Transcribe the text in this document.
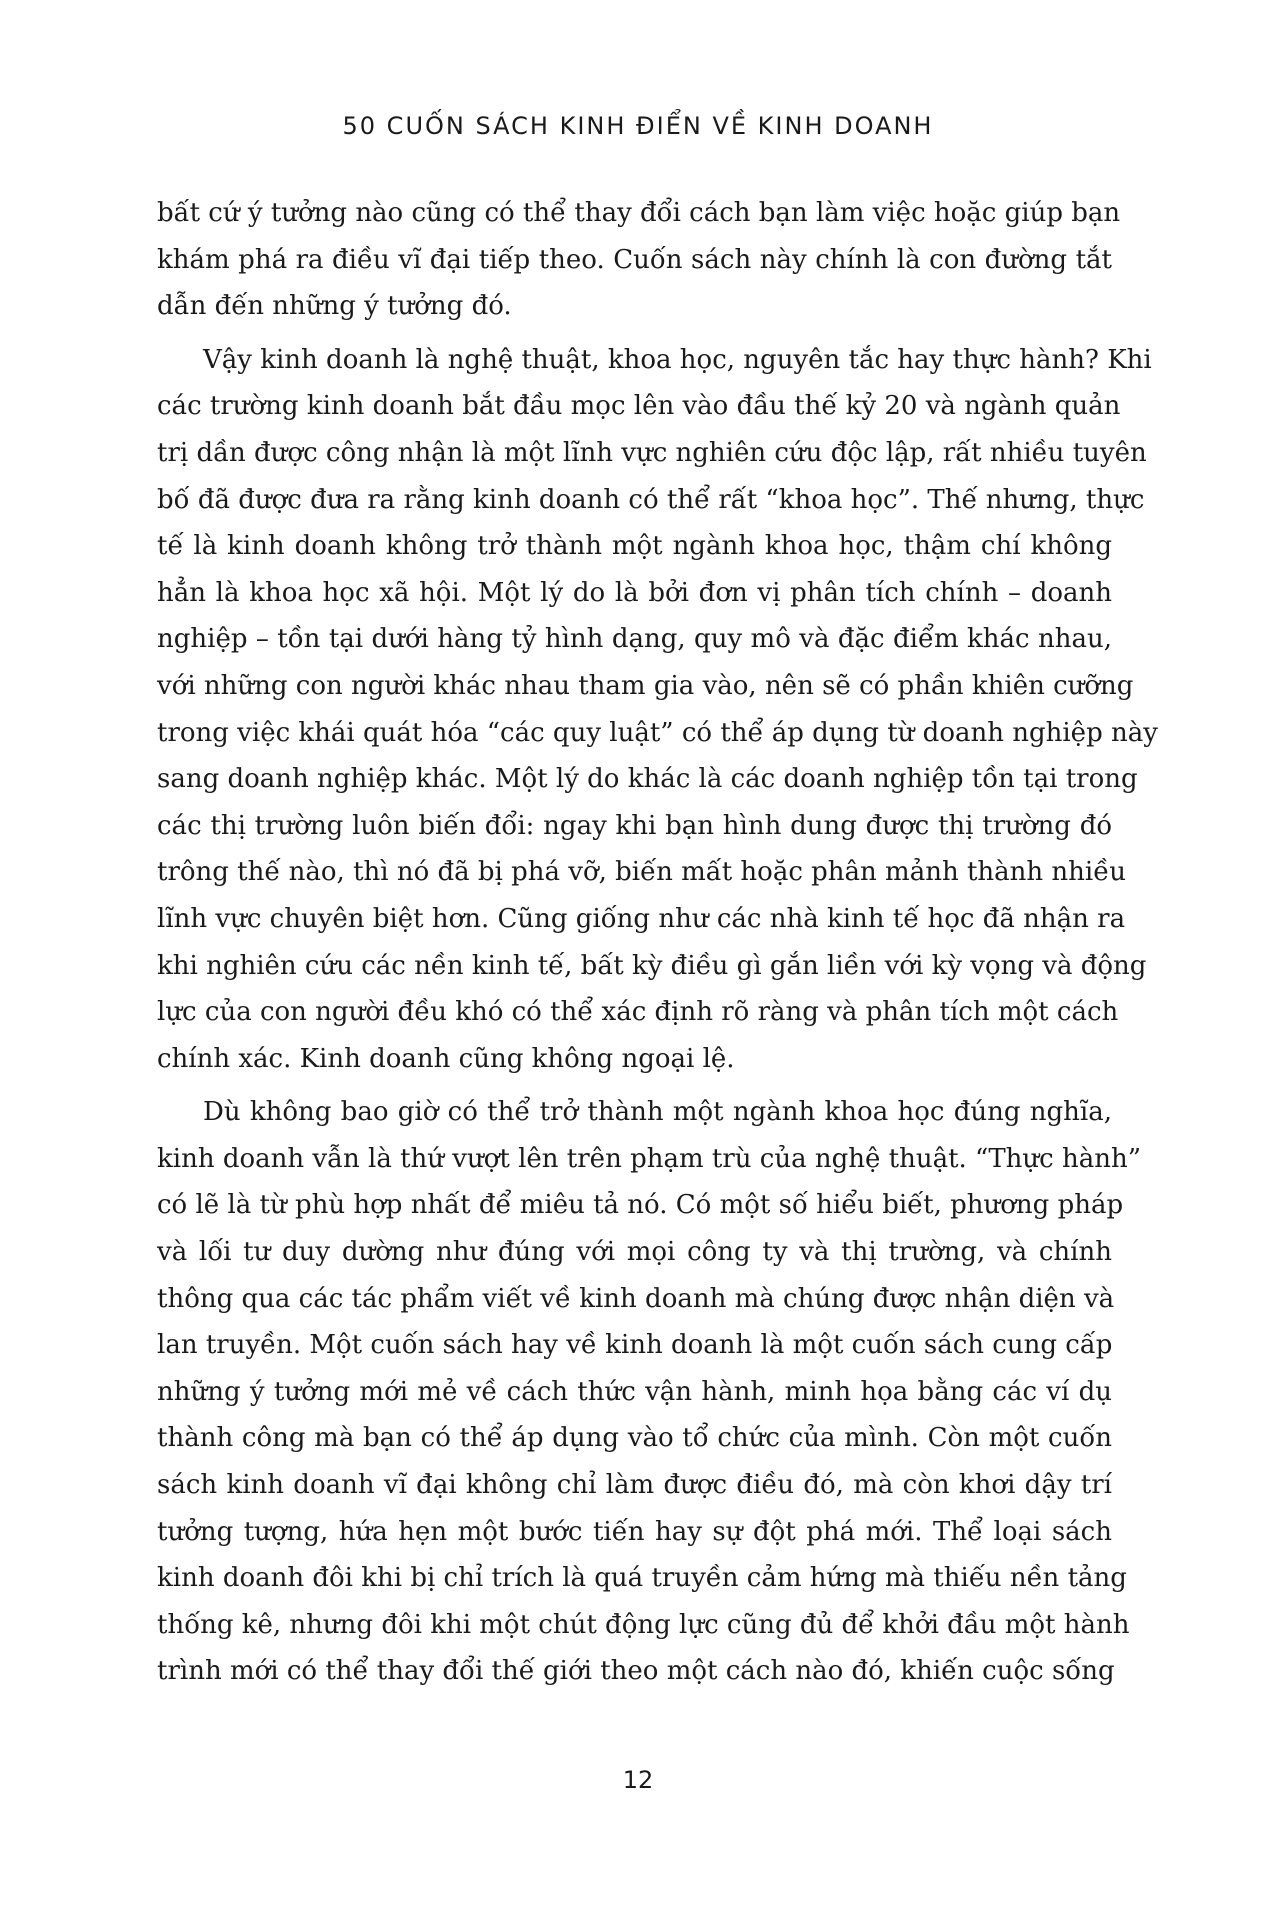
50 CUỐN SÁCH KINH ĐIỂN VỀ KINH DOANH
bất cứ ý tưởng nào cũng có thể thay đổi cách bạn làm việc hoặc giúp bạn
khám phá ra điều vĩ đại tiếp theo. Cuốn sách này chính là con đường tắt
dẫn đến những ý tưởng đó.
Vậy kinh doanh là nghệ thuật, khoa học, nguyên tắc hay thực hành? Khi
các trường kinh doanh bắt đầu mọc lên vào đầu thế kỷ 20 và ngành quản
trị dần được công nhận là một lĩnh vực nghiên cứu độc lập, rất nhiều tuyên
bố đã được đưa ra rằng kinh doanh có thể rất “khoa học”. Thế nhưng, thực
tế là kinh doanh không trở thành một ngành khoa học, thậm chí không
hẳn là khoa học xã hội. Một lý do là bởi đơn vị phân tích chính – doanh
nghiệp – tồn tại dưới hàng tỷ hình dạng, quy mô và đặc điểm khác nhau,
với những con người khác nhau tham gia vào, nên sẽ có phần khiên cưỡng
trong việc khái quát hóa “các quy luật” có thể áp dụng từ doanh nghiệp này
sang doanh nghiệp khác. Một lý do khác là các doanh nghiệp tồn tại trong
các thị trường luôn biến đổi: ngay khi bạn hình dung được thị trường đó
trông thế nào, thì nó đã bị phá vỡ, biến mất hoặc phân mảnh thành nhiều
lĩnh vực chuyên biệt hơn. Cũng giống như các nhà kinh tế học đã nhận ra
khi nghiên cứu các nền kinh tế, bất kỳ điều gì gắn liền với kỳ vọng và động
lực của con người đều khó có thể xác định rõ ràng và phân tích một cách
chính xác. Kinh doanh cũng không ngoại lệ.
Dù không bao giờ có thể trở thành một ngành khoa học đúng nghĩa,
kinh doanh vẫn là thứ vượt lên trên phạm trù của nghệ thuật. “Thực hành”
có lẽ là từ phù hợp nhất để miêu tả nó. Có một số hiểu biết, phương pháp
và lối tư duy dường như đúng với mọi công ty và thị trường, và chính
thông qua các tác phẩm viết về kinh doanh mà chúng được nhận diện và
lan truyền. Một cuốn sách hay về kinh doanh là một cuốn sách cung cấp
những ý tưởng mới mẻ về cách thức vận hành, minh họa bằng các ví dụ
thành công mà bạn có thể áp dụng vào tổ chức của mình. Còn một cuốn
sách kinh doanh vĩ đại không chỉ làm được điều đó, mà còn khơi dậy trí
tưởng tượng, hứa hẹn một bước tiến hay sự đột phá mới. Thể loại sách
kinh doanh đôi khi bị chỉ trích là quá truyền cảm hứng mà thiếu nền tảng
thống kê, nhưng đôi khi một chút động lực cũng đủ để khởi đầu một hành
trình mới có thể thay đổi thế giới theo một cách nào đó, khiến cuộc sống
12
